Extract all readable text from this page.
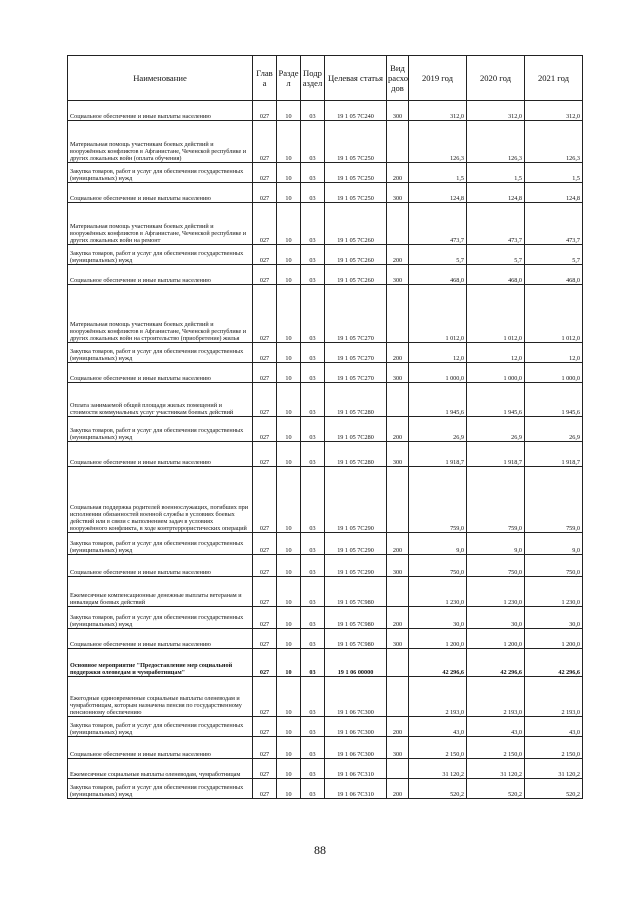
Наименование	Глав а	Разде л	Подр аздел	Целевая статья	Вид расхо дов	2019 год	2020 год	2021 год
Социальное обеспечение и иные выплаты населению	027	10	03	19 1 05 7С240	300	312,0	312,0	312,0
Материальная помощь участникам боевых действий и вооружённых конфликтов в Афганистане, Чеченской республике и других локальных войн (оплата обучения)	027	10	03	19 1 05 7С250		126,3	126,3	126,3
Закупка товаров, работ и услуг для обеспечения государственных (муниципальных) нужд	027	10	03	19 1 05 7С250	200	1,5	1,5	1,5
Социальное обеспечение и иные выплаты населению	027	10	03	19 1 05 7С250	300	124,8	124,8	124,8
Материальная помощь участникам боевых действий и вооружённых конфликтов в Афганистане, Чеченской республике и других локальных войн на ремонт	027	10	03	19 1 05 7С260		473,7	473,7	473,7
Закупка товаров, работ и услуг для обеспечения государственных (муниципальных) нужд	027	10	03	19 1 05 7С260	200	5,7	5,7	5,7
Социальное обеспечение и иные выплаты населению	027	10	03	19 1 05 7С260	300	468,0	468,0	468,0
Материальная помощь участникам боевых действий и вооружённых конфликтов в Афганистане, Чеченской республике и других локальных войн на строительство (приобретение) жилья	027	10	03	19 1 05 7С270		1 012,0	1 012,0	1 012,0
Закупка товаров, работ и услуг для обеспечения государственных (муниципальных) нужд	027	10	03	19 1 05 7С270	200	12,0	12,0	12,0
Социальное обеспечение и иные выплаты населению	027	10	03	19 1 05 7С270	300	1 000,0	1 000,0	1 000,0
Оплата занимаемой общей площади жилых помещений и стоимости коммунальных услуг участникам боевых действий	027	10	03	19 1 05 7С280		1 945,6	1 945,6	1 945,6
Закупка товаров, работ и услуг для обеспечения государственных (муниципальных) нужд	027	10	03	19 1 05 7С280	200	26,9	26,9	26,9
Социальное обеспечение и иные выплаты населению	027	10	03	19 1 05 7С280	300	1 918,7	1 918,7	1 918,7
Социальная поддержка родителей военнослужащих, погибших при исполнении обязанностей военной службы в условиях боевых действий или в связи с выполнением задач в условиях вооружённого конфликта, в ходе контртеррористических операций	027	10	03	19 1 05 7С290		759,0	759,0	759,0
Закупка товаров, работ и услуг для обеспечения государственных (муниципальных) нужд	027	10	03	19 1 05 7С290	200	9,0	9,0	9,0
Социальное обеспечение и иные выплаты населению	027	10	03	19 1 05 7С290	300	750,0	750,0	750,0
Ежемесячные компенсационные денежные выплаты ветеранам и инвалидам боевых действий	027	10	03	19 1 05 7С980		1 230,0	1 230,0	1 230,0
Закупка товаров, работ и услуг для обеспечения государственных (муниципальных) нужд	027	10	03	19 1 05 7С980	200	30,0	30,0	30,0
Социальное обеспечение и иные выплаты населению	027	10	03	19 1 05 7С980	300	1 200,0	1 200,0	1 200,0
Основное мероприятие "Предоставление мер социальной поддержки олеоведам и чумработницам"	027	10	03	19 1 06 00000		42 296,6	42 296,6	42 296,6
Ежегодные единовременные социальные выплаты оленеводам и чумработницам, которым назначена пенсия по государственному пенсионному обеспечению	027	10	03	19 1 06 7С300		2 193,0	2 193,0	2 193,0
Закупка товаров, работ и услуг для обеспечения государственных (муниципальных) нужд	027	10	03	19 1 06 7С300	200	43,0	43,0	43,0
Социальное обеспечение и иные выплаты населению	027	10	03	19 1 06 7С300	300	2 150,0	2 150,0	2 150,0
Ежемесячные социальные выплаты оленеводам, чумработницам	027	10	03	19 1 06 7С310		31 120,2	31 120,2	31 120,2
Закупка товаров, работ и услуг для обеспечения государственных (муниципальных) нужд	027	10	03	19 1 06 7С310	200	520,2	520,2	520,2
88
